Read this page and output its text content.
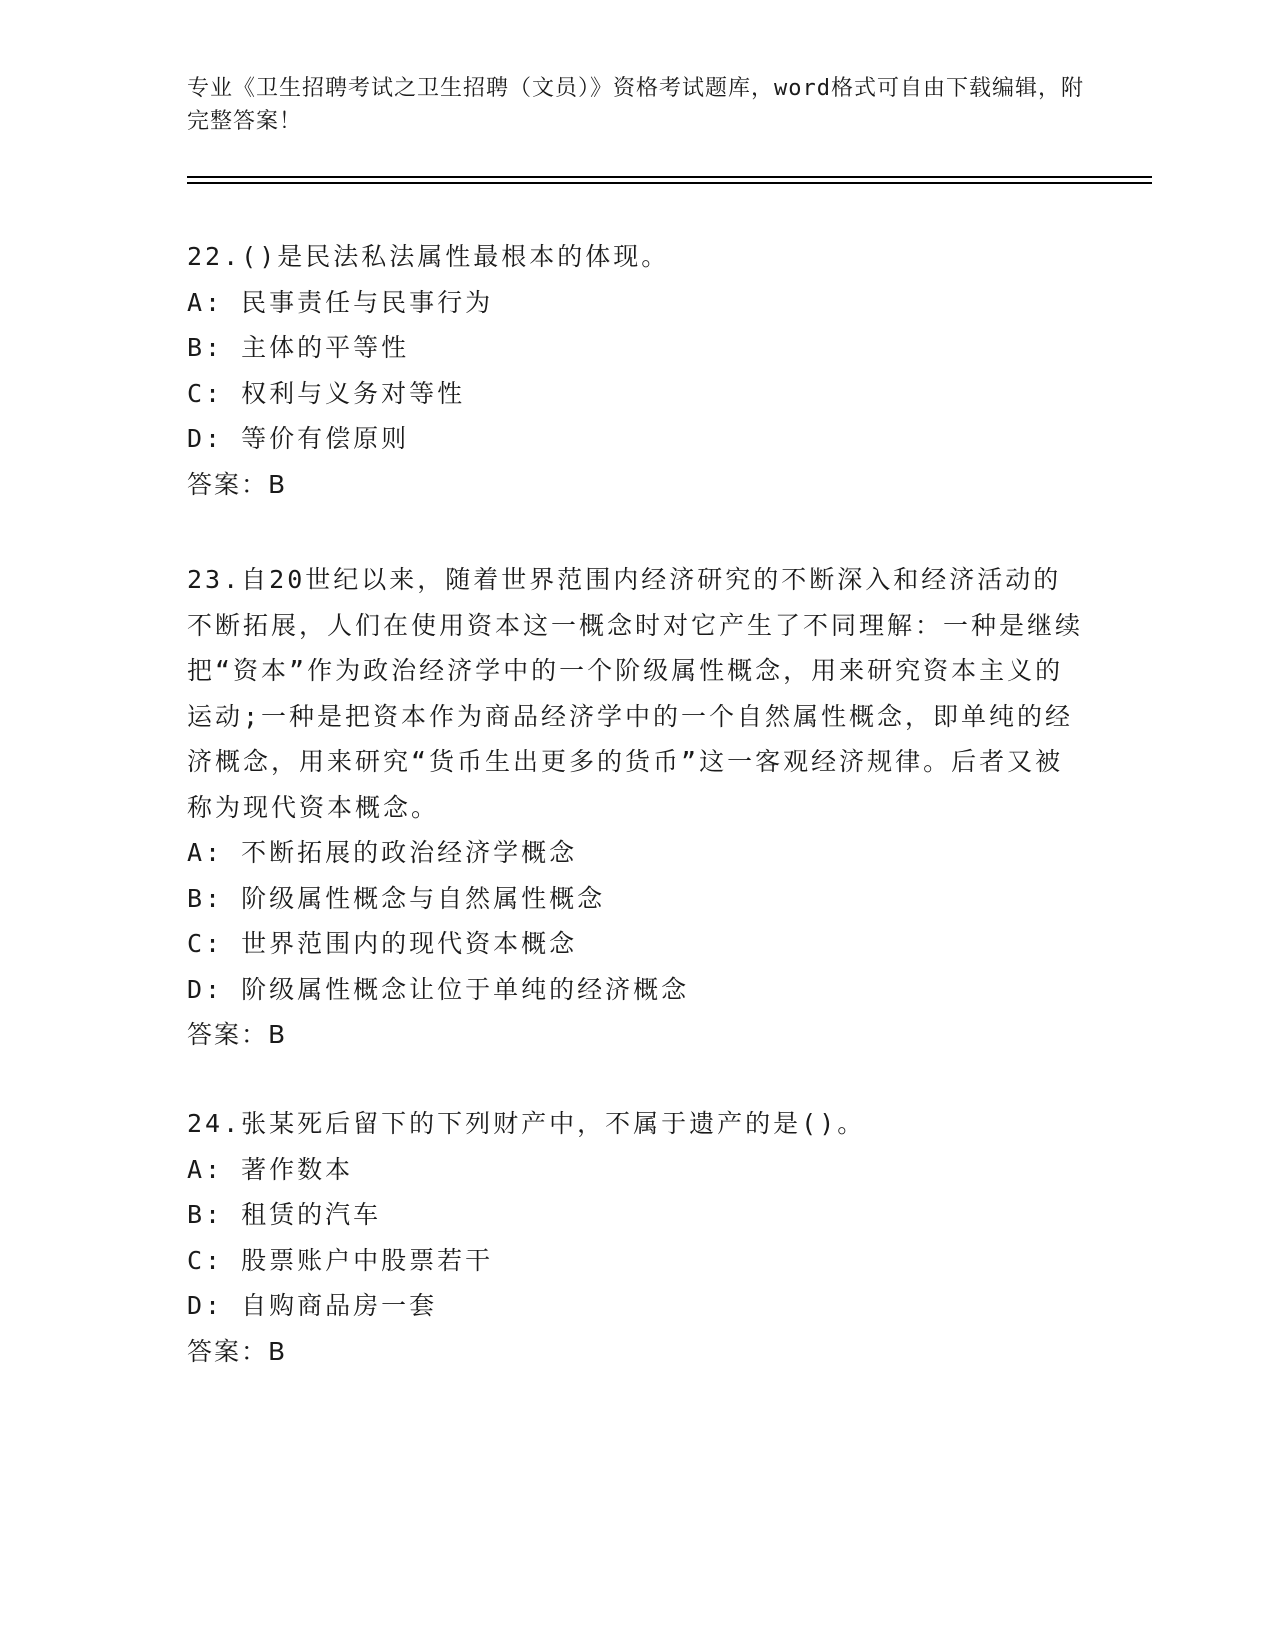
专业《卫生招聘考试之卫生招聘（文员）》资格考试题库，word格式可自由下载编辑，附完整答案！
22.()是民法私法属性最根本的体现。
A: 民事责任与民事行为
B: 主体的平等性
C: 权利与义务对等性
D: 等价有偿原则
答案：B
23.自20世纪以来，随着世界范围内经济研究的不断深入和经济活动的不断拓展，人们在使用资本这一概念时对它产生了不同理解：一种是继续把“资本”作为政治经济学中的一个阶级属性概念，用来研究资本主义的运动;一种是把资本作为商品经济学中的一个自然属性概念，即单纯的经济概念，用来研究“货币生出更多的货币”这一客观经济规律。后者又被称为现代资本概念。
A: 不断拓展的政治经济学概念
B: 阶级属性概念与自然属性概念
C: 世界范围内的现代资本概念
D: 阶级属性概念让位于单纯的经济概念
答案：B
24.张某死后留下的下列财产中，不属于遗产的是()。
A: 著作数本
B: 租赁的汽车
C: 股票账户中股票若干
D: 自购商品房一套
答案：B
